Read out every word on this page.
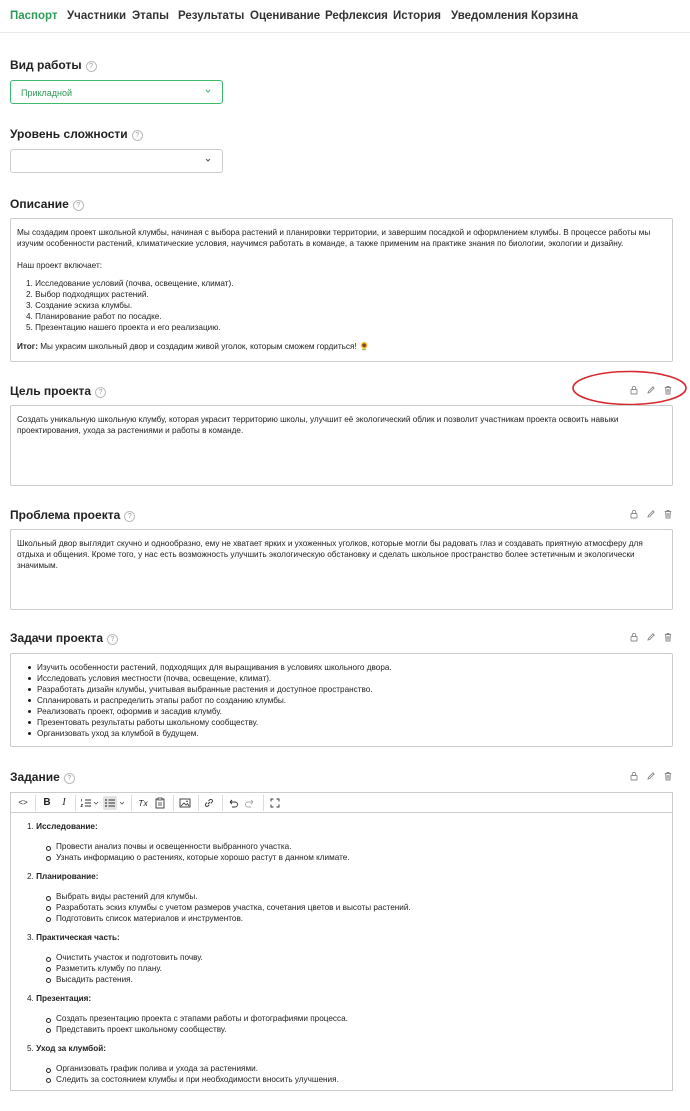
Паспорт Участники Этапы Результаты Оценивание Рефлексия История Уведомления Корзина
Вид работы ?
Прикладной
Уровень сложности ?
Описание ?

Мы создадим проект школьной клумбы, начиная с выбора растений и планировки территории, и завершим посадкой и оформлением клумбы. В процессе работы мы изучим особенности растений, климатические условия, научимся работать в команде, а также применим на практике знания по биологии, экологии и дизайну.

Наш проект включает:

1. Исследование условий (почва, освещение, климат).
2. Выбор подходящих растений.
3. Создание эскиза клумбы.
4. Планирование работ по посадке.
5. Презентацию нашего проекта и его реализацию.

Итог: Мы украсим школьный двор и создадим живой уголок, которым сможем гордиться! 🌻

Цель проекта ?

Создать уникальную школьную клумбу, которая украсит территорию школы, улучшит её экологический облик и позволит участникам проекта освоить навыки проектирования, ухода за растениями и работы в команде.

Проблема проекта ?

Школьный двор выглядит скучно и однообразно, ему не хватает ярких и ухоженных уголков, которые могли бы радовать глаз и создавать приятную атмосферу для отдыха и общения. Кроме того, у нас есть возможность улучшить экологическую обстановку и сделать школьное пространство более эстетичным и экологически значимым.

Задачи проекта ?
Изучить особенности растений, подходящих для выращивания в условиях школьного двора.
Исследовать условия местности (почва, освещение, климат).
Разработать дизайн клумбы, учитывая выбранные растения и доступное пространство.
Спланировать и распределить этапы работ по созданию клумбы.
Реализовать проект, оформив и засадив клумбу.
Презентовать результаты работы школьному сообществу.
Организовать уход за клумбой в будущем.
Задание ?
<>	B	I	Tx
1. Исследование:
Провести анализ почвы и освещенности выбранного участка.
Узнать информацию о растениях, которые хорошо растут в данном климате.
2. Планирование:
Выбрать виды растений для клумбы.
Разработать эскиз клумбы с учетом размеров участка, сочетания цветов и высоты растений.
Подготовить список материалов и инструментов.
3. Практическая часть:
Очистить участок и подготовить почву.
Разметить клумбу по плану.
Высадить растения.
4. Презентация:
Создать презентацию проекта с этапами работы и фотографиями процесса.
Представить проект школьному сообществу.
5. Уход за клумбой:
Организовать график полива и ухода за растениями.
Следить за состоянием клумбы и при необходимости вносить улучшения.
